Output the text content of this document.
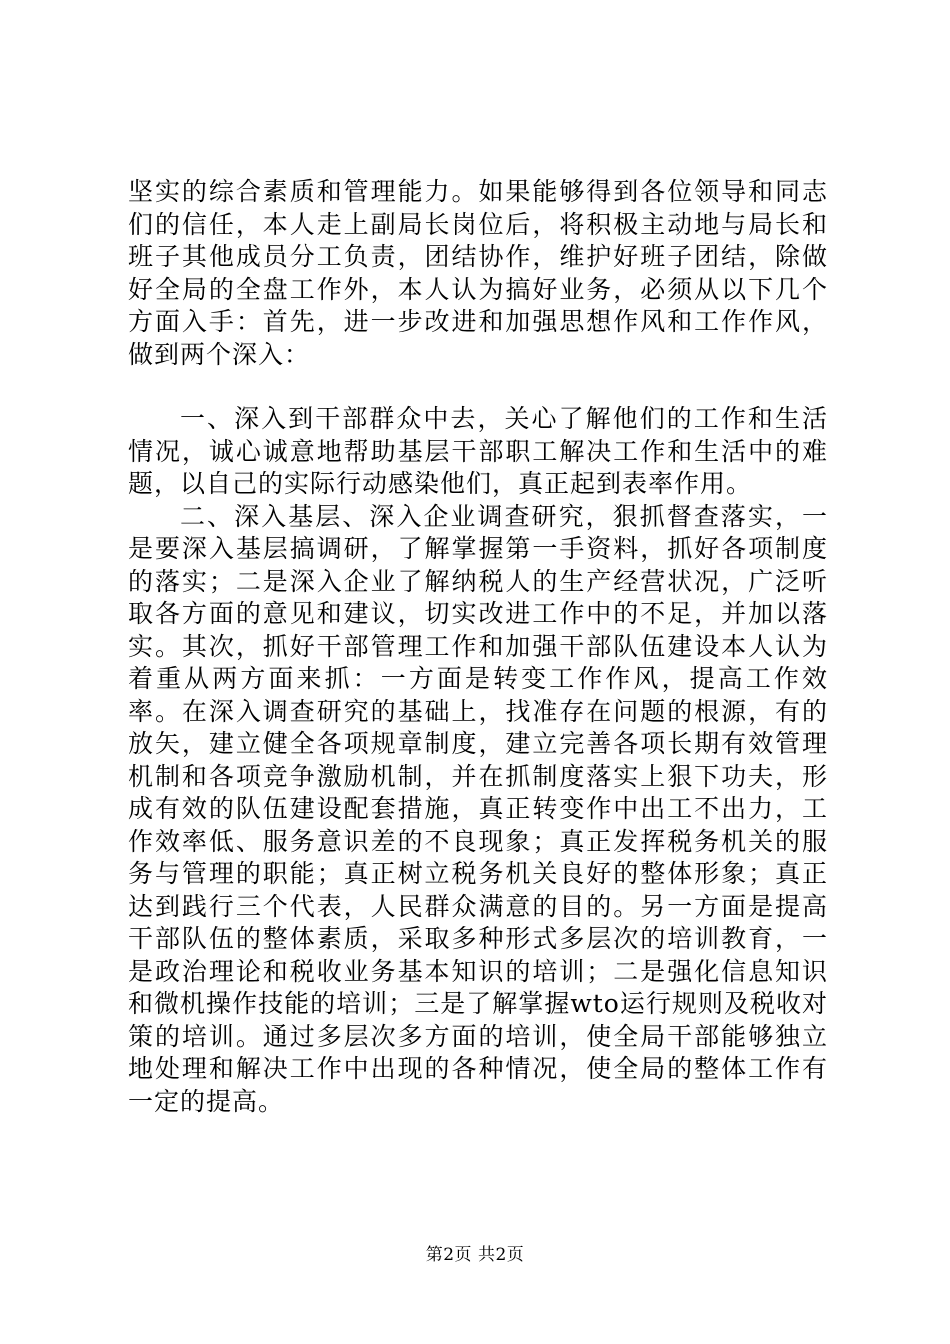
坚实的综合素质和管理能力。如果能够得到各位领导和同志们的信任，本人走上副局长岗位后，将积极主动地与局长和班子其他成员分工负责，团结协作，维护好班子团结，除做好全局的全盘工作外，本人认为搞好业务，必须从以下几个方面入手：首先，进一步改进和加强思想作风和工作作风，做到两个深入：

一、深入到干部群众中去，关心了解他们的工作和生活情况，诚心诚意地帮助基层干部职工解决工作和生活中的难题，以自己的实际行动感染他们，真正起到表率作用。

二、深入基层、深入企业调查研究，狠抓督查落实，一是要深入基层搞调研，了解掌握第一手资料，抓好各项制度的落实；二是深入企业了解纳税人的生产经营状况，广泛听取各方面的意见和建议，切实改进工作中的不足，并加以落实。其次，抓好干部管理工作和加强干部队伍建设本人认为着重从两方面来抓：一方面是转变工作作风，提高工作效率。在深入调查研究的基础上，找准存在问题的根源，有的放矢，建立健全各项规章制度，建立完善各项长期有效管理机制和各项竞争激励机制，并在抓制度落实上狠下功夫，形成有效的队伍建设配套措施，真正转变作中出工不出力，工作效率低、服务意识差的不良现象；真正发挥税务机关的服务与管理的职能；真正树立税务机关良好的整体形象；真正达到践行三个代表，人民群众满意的目的。另一方面是提高干部队伍的整体素质，采取多种形式多层次的培训教育，一是政治理论和税收业务基本知识的培训；二是强化信息知识和微机操作技能的培训；三是了解掌握wto运行规则及税收对策的培训。通过多层次多方面的培训，使全局干部能够独立地处理和解决工作中出现的各种情况，使全局的整体工作有一定的提高。

第2页 共2页
